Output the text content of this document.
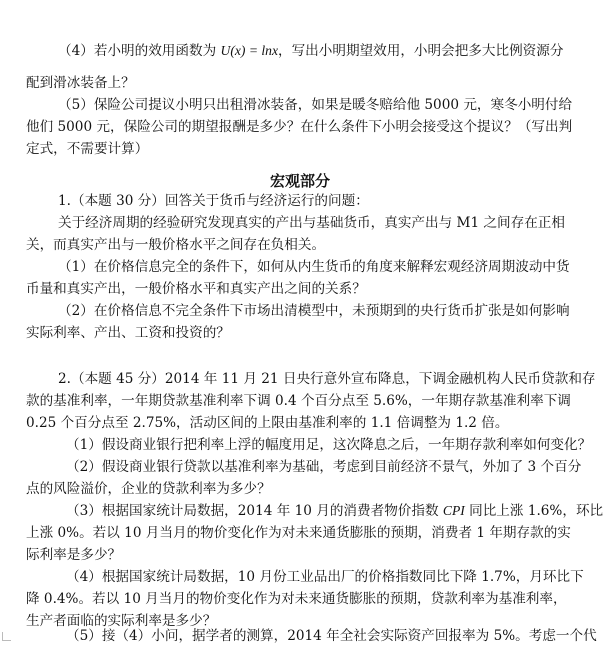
（4）若小明的效用函数为 U(x) = lnx，写出小明期望效用，小明会把多大比例资源分
配到滑冰装备上？
（5）保险公司提议小明只出租滑冰装备，如果是暖冬赔给他 5000 元，寒冬小明付给
他们 5000 元，保险公司的期望报酬是多少？在什么条件下小明会接受这个提议？（写出判
定式，不需要计算）
宏观部分
1.（本题 30 分）回答关于货币与经济运行的问题：
关于经济周期的经验研究发现真实的产出与基础货币，真实产出与 M1 之间存在正相
关，而真实产出与一般价格水平之间存在负相关。
（1）在价格信息完全的条件下，如何从内生货币的角度来解释宏观经济周期波动中货
币量和真实产出，一般价格水平和真实产出之间的关系？
（2）在价格信息不完全条件下市场出清模型中，未预期到的央行货币扩张是如何影响
实际利率、产出、工资和投资的？
2.（本题 45 分）2014 年 11 月 21 日央行意外宣布降息，下调金融机构人民币贷款和存
款的基准利率，一年期贷款基准利率下调 0.4 个百分点至 5.6%，一年期存款基准利率下调
0.25 个百分点至 2.75%，活动区间的上限由基准利率的 1.1 倍调整为 1.2 倍。
（1）假设商业银行把利率上浮的幅度用足，这次降息之后，一年期存款利率如何变化？
（2）假设商业银行贷款以基准利率为基础，考虑到目前经济不景气，外加了 3 个百分
点的风险溢价，企业的贷款利率为多少？
（3）根据国家统计局数据，2014 年 10 月的消费者物价指数 CPI 同比上涨 1.6%，环比
上涨 0%。若以 10 月当月的物价变化作为对未来通货膨胀的预期，消费者 1 年期存款的实
际利率是多少？
（4）根据国家统计局数据，10 月份工业品出厂的价格指数同比下降 1.7%，月环比下
降 0.4%。若以 10 月当月的物价变化作为对未来通货膨胀的预期，贷款利率为基准利率，
生产者面临的实际利率是多少？
（5）接（4）小问，据学者的测算，2014 年全社会实际资产回报率为 5%。考虑一个代
